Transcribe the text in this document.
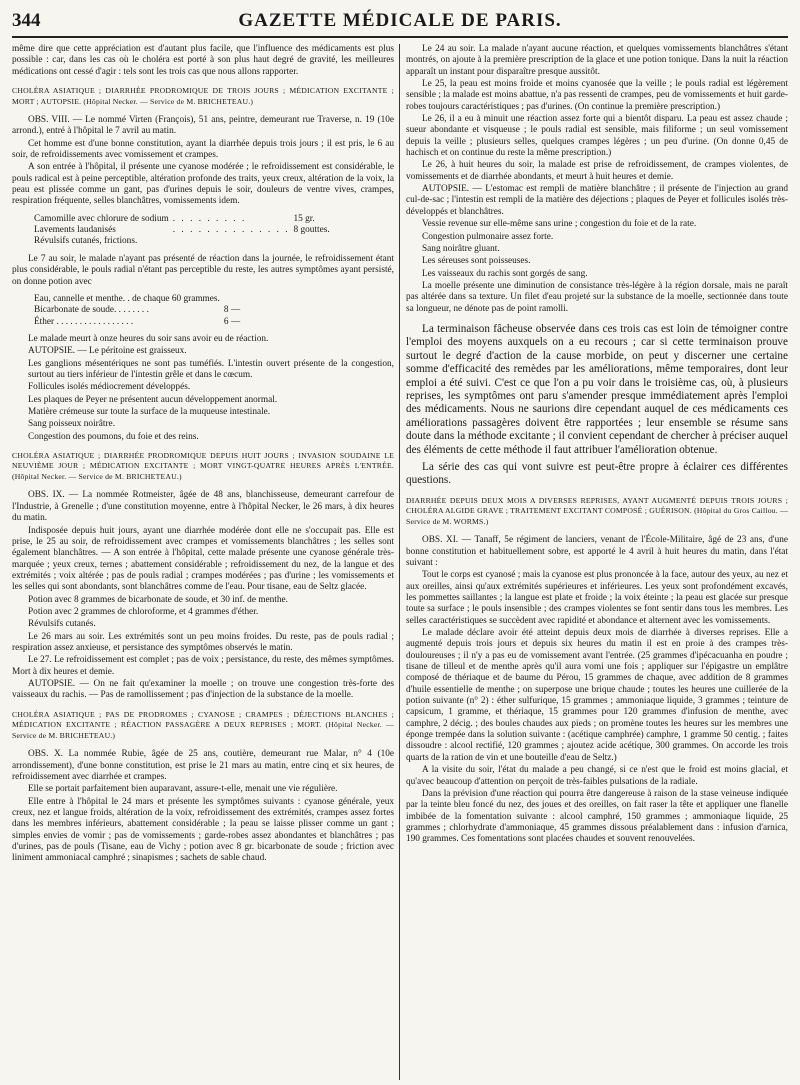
344	GAZETTE MÉDICALE DE PARIS.

même dire que cette appréciation est d'autant plus facile, que l'influence des médicaments est plus possible : car, dans les cas où le choléra est porté à son plus haut degré de gravité, les meilleures médications ont cessé d'agir : tels sont les trois cas que nous allons rapporter.

CHOLÉRA ASIATIQUE ; DIARRHÉE PRODROMIQUE DE TROIS JOURS ; MÉDICATION EXCITANTE ; MORT ; AUTOPSIE. (Hôpital Necker. — Service de M. BRICHETEAU.)

OBS. VIII. — Le nommé Virten (François), 51 ans, peintre, demeurant rue Traverse, n. 19 (10e arrond.), entré à l'hôpital le 7 avril au matin.

Cet homme est d'une bonne constitution, ayant la diarrhée depuis trois jours ; il est pris, le 6 au soir, de refroidissements avec vomissement et crampes.

A son entrée à l'hôpital, il présente une cyanose modérée ; le refroidissement est considérable, le pouls radical est à peine perceptible, altération profonde des traits, yeux creux, altération de la voix, la peau est plissée comme un gant, pas d'urines depuis le soir, douleurs de ventre vives, crampes, respiration fréquente, selles blanchâtres, vomissements idem.

Camomille avec chlorure de sodium	. . . . . . . . .	15 gr.
Lavements laudanisés	. . . . . . . . . . . . . .	8 gouttes.
Révulsifs cutanés, frictions.		

Le 7 au soir, le malade n'ayant pas présenté de réaction dans la journée, le refroidissement étant plus considérable, le pouls radial n'étant pas perceptible du reste, les autres symptômes ayant persisté, on donne potion avec

Eau, cannelle et menthe. . de chaque 60 grammes.	
Bicarbonate de soude. . . . . . . .	8 —
Éther . . . . . . . . . . . . . . . . .	6 —

Le malade meurt à onze heures du soir sans avoir eu de réaction.

AUTOPSIE. — Le péritoine est graisseux.

Les ganglions mésentériques ne sont pas tuméfiés. L'intestin ouvert présente de la congestion, surtout au tiers inférieur de l'intestin grêle et dans le cœcum.

Follicules isolés médiocrement développés.

Les plaques de Peyer ne présentent aucun développement anormal.

Matière crémeuse sur toute la surface de la muqueuse intestinale.

Sang poisseux noirâtre.

Congestion des poumons, du foie et des reins.

CHOLÉRA ASIATIQUE ; DIARRHÉE PRODROMIQUE DEPUIS HUIT JOURS ; INVASION SOUDAINE LE NEUVIÈME JOUR ; MÉDICATION EXCITANTE ; MORT VINGT-QUATRE HEURES APRÈS L'ENTRÉE. (Hôpital Necker. — Service de M. BRICHETEAU.)

OBS. IX. — La nommée Rotmeister, âgée de 48 ans, blanchisseuse, demeurant carrefour de l'Industrie, à Grenelle ; d'une constitution moyenne, entre à l'hôpital Necker, le 26 mars, à dix heures du matin.

Indisposée depuis huit jours, ayant une diarrhée modérée dont elle ne s'occupait pas. Elle est prise, le 25 au soir, de refroidissement avec crampes et vomissements blanchâtres ; les selles sont également blanchâtres. — A son entrée à l'hôpital, cette malade présente une cyanose générale très-marquée ; yeux creux, ternes ; abattement considérable ; refroidissement du nez, de la langue et des extrémités ; voix altérée ; pas de pouls radial ; crampes modérées ; pas d'urine ; les vomissements et les selles qui sont abondants, sont blanchâtres comme de l'eau. Pour tisane, eau de Seltz glacée.

Potion avec 8 grammes de bicarbonate de soude, et 30 inf. de menthe.

Potion avec 2 grammes de chloroforme, et 4 grammes d'éther.

Révulsifs cutanés.

Le 26 mars au soir. Les extrémités sont un peu moins froides. Du reste, pas de pouls radial ; respiration assez anxieuse, et persistance des symptômes observés le matin.

Le 27. Le refroidissement est complet ; pas de voix ; persistance, du reste, des mêmes symptômes. Mort à dix heures et demie.

AUTOPSIE. — On ne fait qu'examiner la moelle ; on trouve une congestion très-forte des vaisseaux du rachis. — Pas de ramollissement ; pas d'injection de la substance de la moelle.

CHOLÉRA ASIATIQUE ; PAS DE PRODROMES ; CYANOSE ; CRAMPES ; DÉJECTIONS BLANCHES ; MÉDICATION EXCITANTE ; RÉACTION PASSAGÈRE A DEUX REPRISES ; MORT. (Hôpital Necker. — Service de M. BRICHETEAU.)

OBS. X. La nommée Rubie, âgée de 25 ans, coutière, demeurant rue Malar, n° 4 (10e arrondissement), d'une bonne constitution, est prise le 21 mars au matin, entre cinq et six heures, de refroidissement avec diarrhée et crampes.

Elle se portait parfaitement bien auparavant, assure-t-elle, menait une vie régulière.

Elle entre à l'hôpital le 24 mars et présente les symptômes suivants : cyanose générale, yeux creux, nez et langue froids, altération de la voix, refroidissement des extrémités, crampes assez fortes dans les membres inférieurs, abattement considérable ; la peau se laisse plisser comme un gant ; simples envies de vomir ; pas de vomissements ; garde-robes assez abondantes et blanchâtres ; pas d'urines, pas de pouls (Tisane, eau de Vichy ; potion avec 8 gr. bicarbonate de soude ; friction avec liniment ammoniacal camphré ; sinapismes ; sachets de sable chaud.

Le 24 au soir. La malade n'ayant aucune réaction, et quelques vomissements blanchâtres s'étant montrés, on ajoute à la première prescription de la glace et une potion tonique. Dans la nuit la réaction apparaît un instant pour disparaître presque aussitôt.

Le 25, la peau est moins froide et moins cyanosée que la veille ; le pouls radial est légèrement sensible ; la malade est moins abattue, n'a pas ressenti de crampes, peu de vomissements et huit garde-robes toujours caractéristiques ; pas d'urines. (On continue la première prescription.)

Le 26, il a eu à minuit une réaction assez forte qui a bientôt disparu. La peau est assez chaude ; sueur abondante et visqueuse ; le pouls radial est sensible, mais filiforme ; un seul vomissement depuis la veille ; plusieurs selles, quelques crampes légères ; un peu d'urine. (On donne 0,45 de hachisch et on continue du reste la même prescription.)

Le 26, à huit heures du soir, la malade est prise de refroidissement, de crampes violentes, de vomissements et de diarrhée abondants, et meurt à huit heures et demie.

AUTOPSIE. — L'estomac est rempli de matière blanchâtre ; il présente de l'injection au grand cul-de-sac ; l'intestin est rempli de la matière des déjections ; plaques de Peyer et follicules isolés très-développés et blanchâtres.

Vessie revenue sur elle-même sans urine ; congestion du foie et de la rate.

Congestion pulmonaire assez forte.

Sang noirâtre gluant.

Les séreuses sont poisseuses.

Les vaisseaux du rachis sont gorgés de sang.

La moelle présente une diminution de consistance très-légère à la région dorsale, mais ne paraît pas altérée dans sa texture. Un filet d'eau projeté sur la substance de la moelle, sectionnée dans toute sa longueur, ne dénote pas de point ramolli.

La terminaison fâcheuse observée dans ces trois cas est loin de témoigner contre l'emploi des moyens auxquels on a eu recours ; car si cette terminaison prouve surtout le degré d'action de la cause morbide, on peut y discerner une certaine somme d'efficacité des remèdes par les améliorations, même temporaires, dont leur emploi a été suivi. C'est ce que l'on a pu voir dans le troisième cas, où, à plusieurs reprises, les symptômes ont paru s'amender presque immédiatement après l'emploi des médicaments. Nous ne saurions dire cependant auquel de ces médicaments ces améliorations passagères doivent être rapportées ; leur ensemble se résume sans doute dans la méthode excitante ; il convient cependant de chercher à préciser auquel des éléments de cette méthode il faut attribuer l'amélioration obtenue.

La série des cas qui vont suivre est peut-être propre à éclairer ces différentes questions.

DIARRHÉE DEPUIS DEUX MOIS A DIVERSES REPRISES, AYANT AUGMENTÉ DEPUIS TROIS JOURS ; CHOLÉRA ALGIDE GRAVE ; TRAITEMENT EXCITANT COMPOSÉ ; GUÉRISON. (Hôpital du Gros Caillou. — Service de M. WORMS.)

OBS. XI. — Tanaff, 5e régiment de lanciers, venant de l'École-Militaire, âgé de 23 ans, d'une bonne constitution et habituellement sobre, est apporté le 4 avril à huit heures du matin, dans l'état suivant :

Tout le corps est cyanosé ; mais la cyanose est plus prononcée à la face, autour des yeux, au nez et aux oreilles, ainsi qu'aux extrémités supérieures et inférieures. Les yeux sont profondément excavés, les pommettes saillantes ; la langue est plate et froide ; la voix éteinte ; la peau est glacée sur presque toute sa surface ; le pouls insensible ; des crampes violentes se font sentir dans tous les membres. Les selles caractéristiques se succèdent avec rapidité et abondance et alternent avec les vomissements.

Le malade déclare avoir été atteint depuis deux mois de diarrhée à diverses reprises. Elle a augmenté depuis trois jours et depuis six heures du matin il est en proie à des crampes très-douloureuses ; il n'y a pas eu de vomissement avant l'entrée. (25 grammes d'ipécacuanha en poudre ; tisane de tilleul et de menthe après qu'il aura vomi une fois ; appliquer sur l'épigastre un emplâtre composé de thériaque et de baume du Pérou, 15 grammes de chaque, avec addition de 8 grammes d'huile essentielle de menthe ; on superpose une brique chaude ; toutes les heures une cuillerée de la potion suivante (n° 2) : éther sulfurique, 15 grammes ; ammoniaque liquide, 3 grammes ; teinture de capsicum, 1 gramme, et thériaque, 15 grammes pour 120 grammes d'infusion de menthe, avec camphre, 2 décig. ; des boules chaudes aux pieds ; on promène toutes les heures sur les membres une éponge trempée dans la solution suivante : (acétique camphrée) camphre, 1 gramme 50 centig. ; faites dissoudre : alcool rectifié, 120 grammes ; ajoutez acide acétique, 300 grammes. On accorde les trois quarts de la ration de vin et une bouteille d'eau de Seltz.)

A la visite du soir, l'état du malade a peu changé, si ce n'est que le froid est moins glacial, et qu'avec beaucoup d'attention on perçoit de très-faibles pulsations de la radiale.

Dans la prévision d'une réaction qui pourra être dangereuse à raison de la stase veineuse indiquée par la teinte bleu foncé du nez, des joues et des oreilles, on fait raser la tête et appliquer une flanelle imbibée de la fomentation suivante : alcool camphré, 150 grammes ; ammoniaque liquide, 25 grammes ; chlorhydrate d'ammoniaque, 45 grammes dissous préalablement dans : infusion d'arnica, 190 grammes. Ces fomentations sont placées chaudes et souvent renouvelées.
